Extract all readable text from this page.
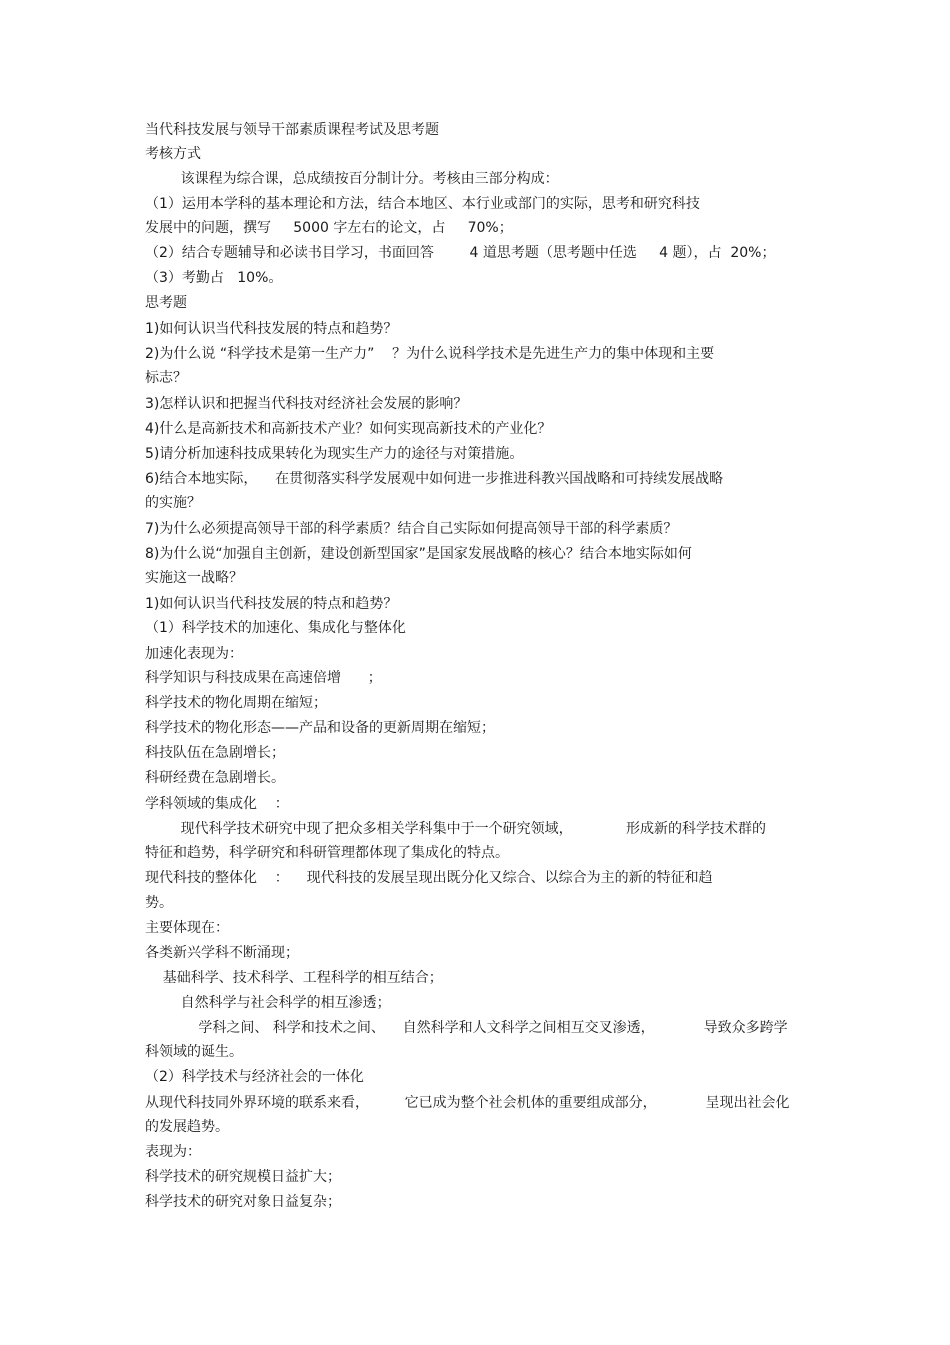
当代科技发展与领导干部素质课程考试及思考题
考核方式
该课程为综合课，总成绩按百分制计分。考核由三部分构成：
（1）运用本学科的基本理论和方法，结合本地区、本行业或部门的实际，思考和研究科技
发展中的问题，撰写     5000 字左右的论文，占     70%；
（2）结合专题辅导和必读书目学习，书面回答        4 道思考题（思考题中任选     4 题），占  20%；
（3）考勤占   10%。
思考题
1)如何认识当代科技发展的特点和趋势？
2)为什么说 “科学技术是第一生产力”    ？为什么说科学技术是先进生产力的集中体现和主要
标志？
3)怎样认识和把握当代科技对经济社会发展的影响？
4)什么是高新技术和高新技术产业？如何实现高新技术的产业化？
5)请分析加速科技成果转化为现实生产力的途径与对策措施。
6)结合本地实际，    在贯彻落实科学发展观中如何进一步推进科教兴国战略和可持续发展战略
的实施？
7)为什么必须提高领导干部的科学素质？结合自己实际如何提高领导干部的科学素质？
8)为什么说“加强自主创新，建设创新型国家”是国家发展战略的核心？结合本地实际如何
实施这一战略？
1)如何认识当代科技发展的特点和趋势？
（1）科学技术的加速化、集成化与整体化
加速化表现为：
科学知识与科技成果在高速倍增      ；
科学技术的物化周期在缩短；
科学技术的物化形态——产品和设备的更新周期在缩短；
科技队伍在急剧增长；
科研经费在急剧增长。
学科领域的集成化    ：
现代科学技术研究中现了把众多相关学科集中于一个研究领域，            形成新的科学技术群的
特征和趋势，科学研究和科研管理都体现了集成化的特点。
现代科技的整体化    ：    现代科技的发展呈现出既分化又综合、以综合为主的新的特征和趋
势。
主要体现在：
各类新兴学科不断涌现；
基础科学、技术科学、工程科学的相互结合；
自然科学与社会科学的相互渗透；
学科之间、 科学和技术之间、    自然科学和人文科学之间相互交叉渗透，           导致众多跨学
科领域的诞生。
（2）科学技术与经济社会的一体化
从现代科技同外界环境的联系来看，        它已成为整个社会机体的重要组成部分，           呈现出社会化
的发展趋势。
表现为：
科学技术的研究规模日益扩大；
科学技术的研究对象日益复杂；
